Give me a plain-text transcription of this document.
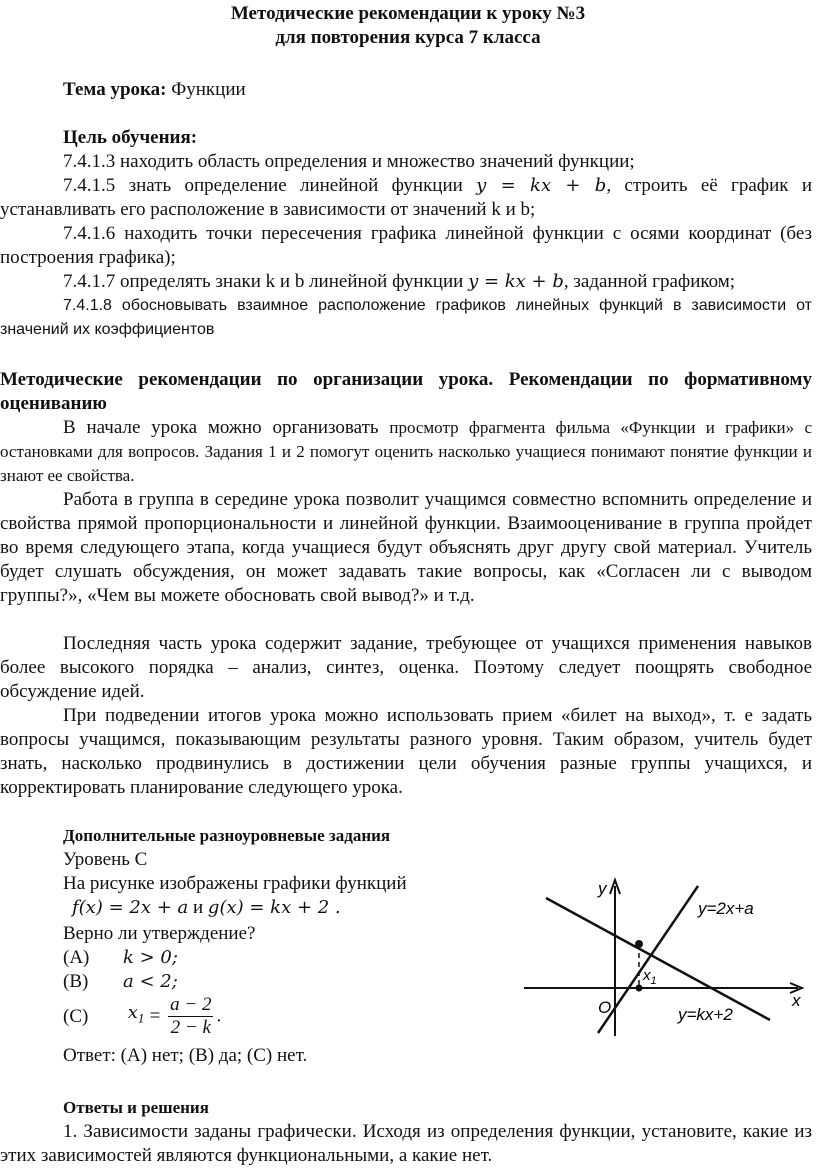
Методические рекомендации к уроку №3
для повторения курса 7 класса
Тема урока: Функции
Цель обучения:
7.4.1.3 находить область определения и множество значений функции;
7.4.1.5 знать определение линейной функции y = kx + b, строить её график и устанавливать его расположение в зависимости от значений k и b;
7.4.1.6 находить точки пересечения графика линейной функции с осями координат (без построения графика);
7.4.1.7 определять знаки k и b линейной функции y = kx + b, заданной графиком;
7.4.1.8 обосновывать взаимное расположение графиков линейных функций в зависимости от значений их коэффициентов
Методические рекомендации по организации урока. Рекомендации по формативному оцениванию
В начале урока можно организовать просмотр фрагмента фильма «Функции и графики» с остановками для вопросов. Задания 1 и 2 помогут оценить насколько учащиеся понимают понятие функции и знают ее свойства.
Работа в группа в середине урока позволит учащимся совместно вспомнить определение и свойства прямой пропорциональности и линейной функции. Взаимооценивание в группа пройдет во время следующего этапа, когда учащиеся будут объяснять друг другу свой материал. Учитель будет слушать обсуждения, он может задавать такие вопросы, как «Согласен ли с выводом группы?», «Чем вы можете обосновать свой вывод?» и т.д.
Последняя часть урока содержит задание, требующее от учащихся применения навыков более высокого порядка – анализ, синтез, оценка. Поэтому следует поощрять свободное обсуждение идей.
При подведении итогов урока можно использовать прием «билет на выход», т. е задать вопросы учащимся, показывающим результаты разного уровня. Таким образом, учитель будет знать, насколько продвинулись в достижении цели обучения разные группы учащихся, и корректировать планирование следующего урока.
Дополнительные разноуровневые задания
Уровень C
На рисунке изображены графики функций
f(x) = 2x + a и g(x) = kx + 2 .
Верно ли утверждение?
(A) k > 0;
(B) a < 2;
(C) $x_1 = \frac{a - 2}{2 - k}$ .
Ответ: (A) нет; (B) да; (C) нет.
y
x
O
$x_1$
y=2x+a
y=kx+2
Ответы и решения
1. Зависимости заданы графически. Исходя из определения функции, установите, какие из этих зависимостей являются функциональными, а какие нет.
